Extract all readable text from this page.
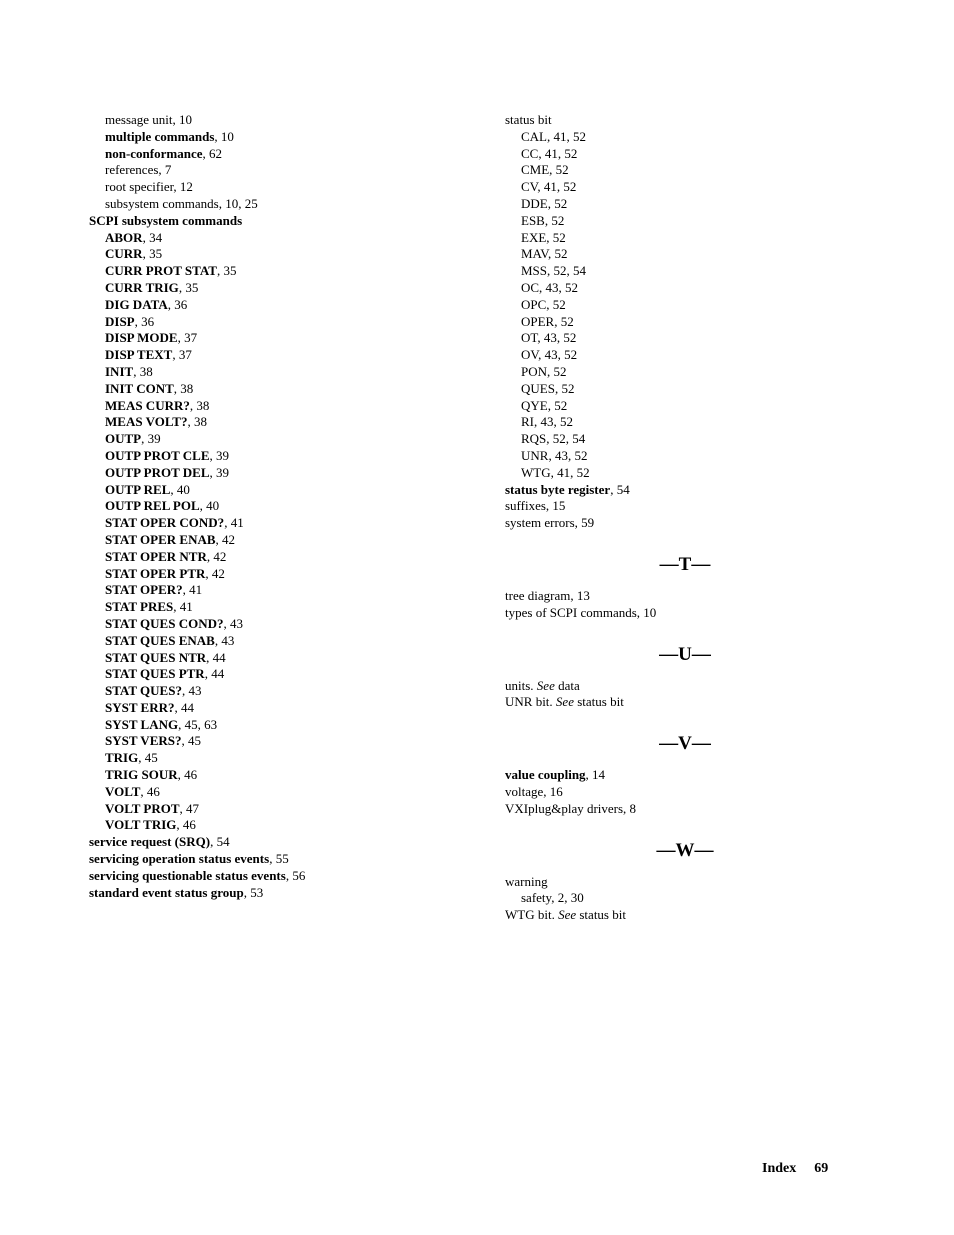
message unit, 10
multiple commands, 10
non-conformance, 62
references, 7
root specifier, 12
subsystem commands, 10, 25
SCPI subsystem commands
ABOR, 34
CURR, 35
CURR PROT STAT, 35
CURR TRIG, 35
DIG DATA, 36
DISP, 36
DISP MODE, 37
DISP TEXT, 37
INIT, 38
INIT CONT, 38
MEAS CURR?, 38
MEAS VOLT?, 38
OUTP, 39
OUTP PROT CLE, 39
OUTP PROT DEL, 39
OUTP REL, 40
OUTP REL POL, 40
STAT OPER COND?, 41
STAT OPER ENAB, 42
STAT OPER NTR, 42
STAT OPER PTR, 42
STAT OPER?, 41
STAT PRES, 41
STAT QUES COND?, 43
STAT QUES ENAB, 43
STAT QUES NTR, 44
STAT QUES PTR, 44
STAT QUES?, 43
SYST ERR?, 44
SYST LANG, 45, 63
SYST VERS?, 45
TRIG, 45
TRIG SOUR, 46
VOLT, 46
VOLT PROT, 47
VOLT TRIG, 46
service request (SRQ), 54
servicing operation status events, 55
servicing questionable status events, 56
standard event status group, 53
status bit
CAL, 41, 52
CC, 41, 52
CME, 52
CV, 41, 52
DDE, 52
ESB, 52
EXE, 52
MAV, 52
MSS, 52, 54
OC, 43, 52
OPC, 52
OPER, 52
OT, 43, 52
OV, 43, 52
PON, 52
QUES, 52
QYE, 52
RI, 43, 52
RQS, 52, 54
UNR, 43, 52
WTG, 41, 52
status byte register, 54
suffixes, 15
system errors, 59
—T—
tree diagram, 13
types of SCPI commands, 10
—U—
units. See data
UNR bit. See status bit
—V—
value coupling, 14
voltage, 16
VXIplug&play drivers, 8
—W—
warning
safety, 2, 30
WTG bit. See status bit
Index 69
